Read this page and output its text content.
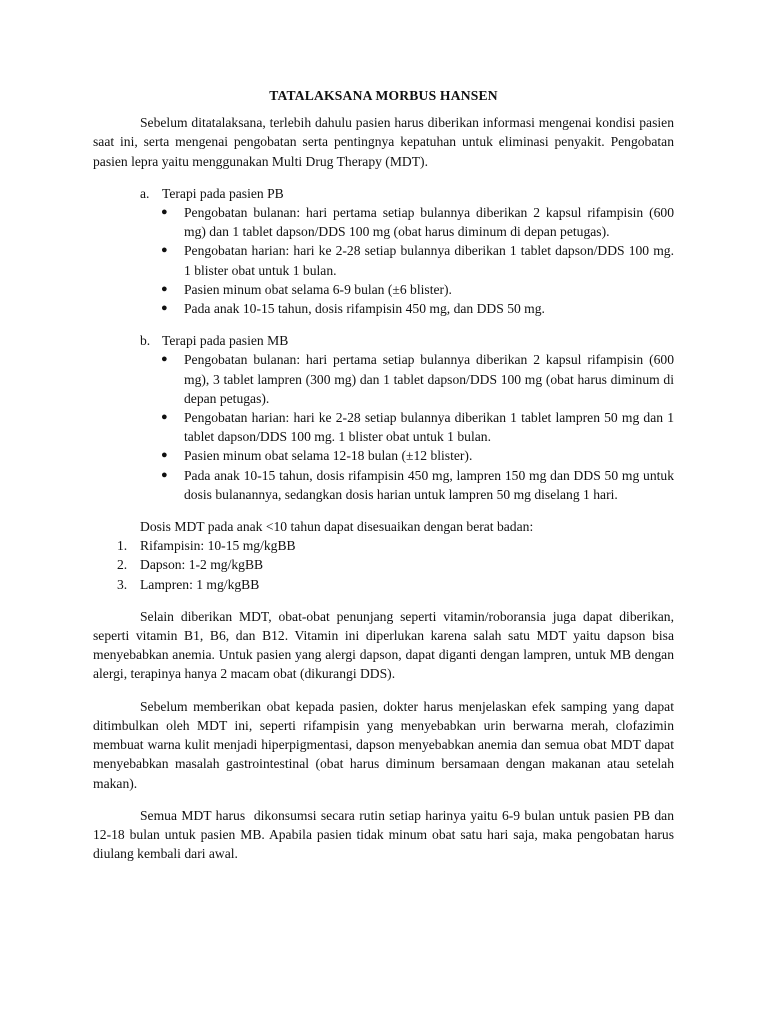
TATALAKSANA MORBUS HANSEN

Sebelum ditatalaksana, terlebih dahulu pasien harus diberikan informasi mengenai kondisi pasien saat ini, serta mengenai pengobatan serta pentingnya kepatuhan untuk eliminasi penyakit. Pengobatan pasien lepra yaitu menggunakan Multi Drug Therapy (MDT).

a. Terapi pada pasien PB
●	Pengobatan bulanan: hari pertama setiap bulannya diberikan 2 kapsul rifampisin (600 mg) dan 1 tablet dapson/DDS 100 mg (obat harus diminum di depan petugas).
●	Pengobatan harian: hari ke 2-28 setiap bulannya diberikan 1 tablet dapson/DDS 100 mg. 1 blister obat untuk 1 bulan.
●	Pasien minum obat selama 6-9 bulan (±6 blister).
●	Pada anak 10-15 tahun, dosis rifampisin 450 mg, dan DDS 50 mg.
b. Terapi pada pasien MB
●	Pengobatan bulanan: hari pertama setiap bulannya diberikan 2 kapsul rifampisin (600 mg), 3 tablet lampren (300 mg) dan 1 tablet dapson/DDS 100 mg (obat harus diminum di depan petugas).
●	Pengobatan harian: hari ke 2-28 setiap bulannya diberikan 1 tablet lampren 50 mg dan 1 tablet dapson/DDS 100 mg. 1 blister obat untuk 1 bulan.
●	Pasien minum obat selama 12-18 bulan (±12 blister).
●	Pada anak 10-15 tahun, dosis rifampisin 450 mg, lampren 150 mg dan DDS 50 mg untuk dosis bulanannya, sedangkan dosis harian untuk lampren 50 mg diselang 1 hari.

Dosis MDT pada anak <10 tahun dapat disesuaikan dengan berat badan:

1. Rifampisin: 10-15 mg/kgBB
2. Dapson: 1-2 mg/kgBB
3. Lampren: 1 mg/kgBB

Selain diberikan MDT, obat-obat penunjang seperti vitamin/roboransia juga dapat diberikan, seperti vitamin B1, B6, dan B12. Vitamin ini diperlukan karena salah satu MDT yaitu dapson bisa menyebabkan anemia. Untuk pasien yang alergi dapson, dapat diganti dengan lampren, untuk MB dengan alergi, terapinya hanya 2 macam obat (dikurangi DDS).

Sebelum memberikan obat kepada pasien, dokter harus menjelaskan efek samping yang dapat ditimbulkan oleh MDT ini, seperti rifampisin yang menyebabkan urin berwarna merah, clofazimin membuat warna kulit menjadi hiperpigmentasi, dapson menyebabkan anemia dan semua obat MDT dapat menyebabkan masalah gastrointestinal (obat harus diminum bersamaan dengan makanan atau setelah makan).

Semua MDT harus  dikonsumsi secara rutin setiap harinya yaitu 6-9 bulan untuk pasien PB dan  12-18 bulan untuk pasien MB. Apabila pasien tidak minum obat satu hari saja, maka pengobatan harus diulang kembali dari awal.
